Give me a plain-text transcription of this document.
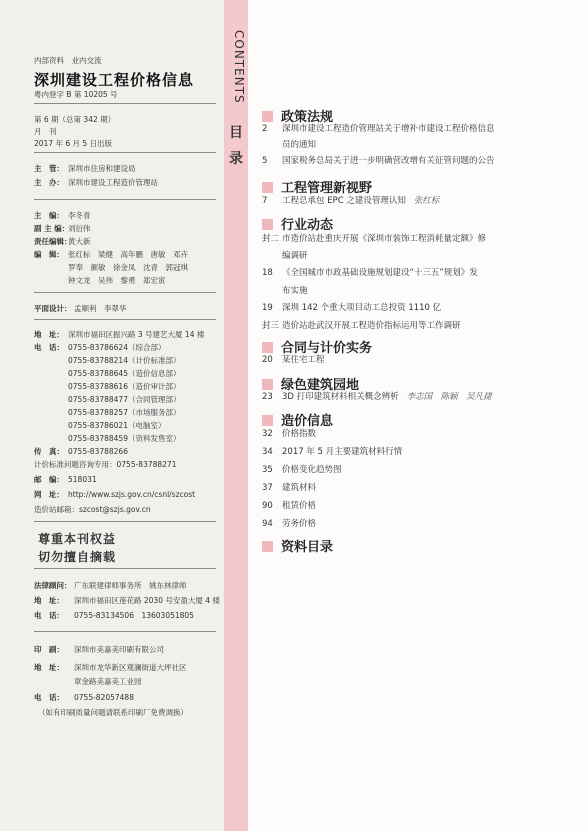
CONTENTS
目
录
内部资料　业内交流
深圳建设工程价格信息
粤内登字 B 第 10205 号
第 6 期（总第 342 期）
月　刊
2017 年 6 月 5 日出版
主　管： 深圳市住房和建设局
主　办： 深圳市建设工程造价管理站
主　编： 李冬青
副 主 编：刘衍伟
责任编辑：黄大新
编　辑： 张红标　梁健　高年鹏　唐敏　邓卉
罗奉　颜敏　徐金凤　沈青　郭冠琪
钟文龙　吴伟　黎勇　郑宏寅
平面设计： 孟顺利　李翠华
地　址： 深圳市福田区振兴路 3 号建艺大厦 14 楼
电　话： 0755-83786624（综合部）
0755-83788214（计价标准部）
0755-83788645（造价信息部）
0755-83788616（造价审计部）
0755-83788477（合同管理部）
0755-83788257（市场服务部）
0755-83786021（电脑室）
0755-83788459（资料发售室）
传　真： 0755-83788266
计价标准问题咨询专用：0755-83788271
邮　编： 518031
网　址： http://www.szjs.gov.cn/csnl/szcost
造价站邮箱：szcost@szjs.gov.cn
尊重本刊权益
切勿擅自摘载
法律顾问： 广东联建律师事务所　姚东林律师
地　址： 深圳市福田区莲花路 2030 号安盈大厦 4 楼
电　话： 0755-83134506　13603051805
印　刷： 深圳市美嘉美印刷有限公司
地　址： 深圳市龙华新区观澜街道大坪社区
章金路美嘉美工业园
电　话： 0755-82057488
（如有印刷质量问题请联系印刷厂免费调换）
政策法规
2 深圳市建设工程造价管理站关于增补市建设工程价格信息
员的通知
5 国家税务总局关于进一步明确营改增有关征管问题的公告
工程管理新视野
7 工程总承包 EPC 之建设管理认知 张红标
行业动态
封二 市造价站赴重庆开展《深圳市装饰工程消耗量定额》修
编调研
18 《全国城市市政基础设施规划建设“十三五”规划》发
布实施
19 深圳 142 个重大项目动工总投资 1110 亿
封三 造价站赴武汉开展工程造价指标运用等工作调研
合同与计价实务
20 某住宅工程
绿色建筑园地
23 3D 打印建筑材料相关概念辨析 李志国　陈颖　吴凡捷
造价信息
32 价格指数
34 2017 年 5 月主要建筑材料行情
35 价格变化趋势图
37 建筑材料
90 租赁价格
94 劳务价格
资料目录
